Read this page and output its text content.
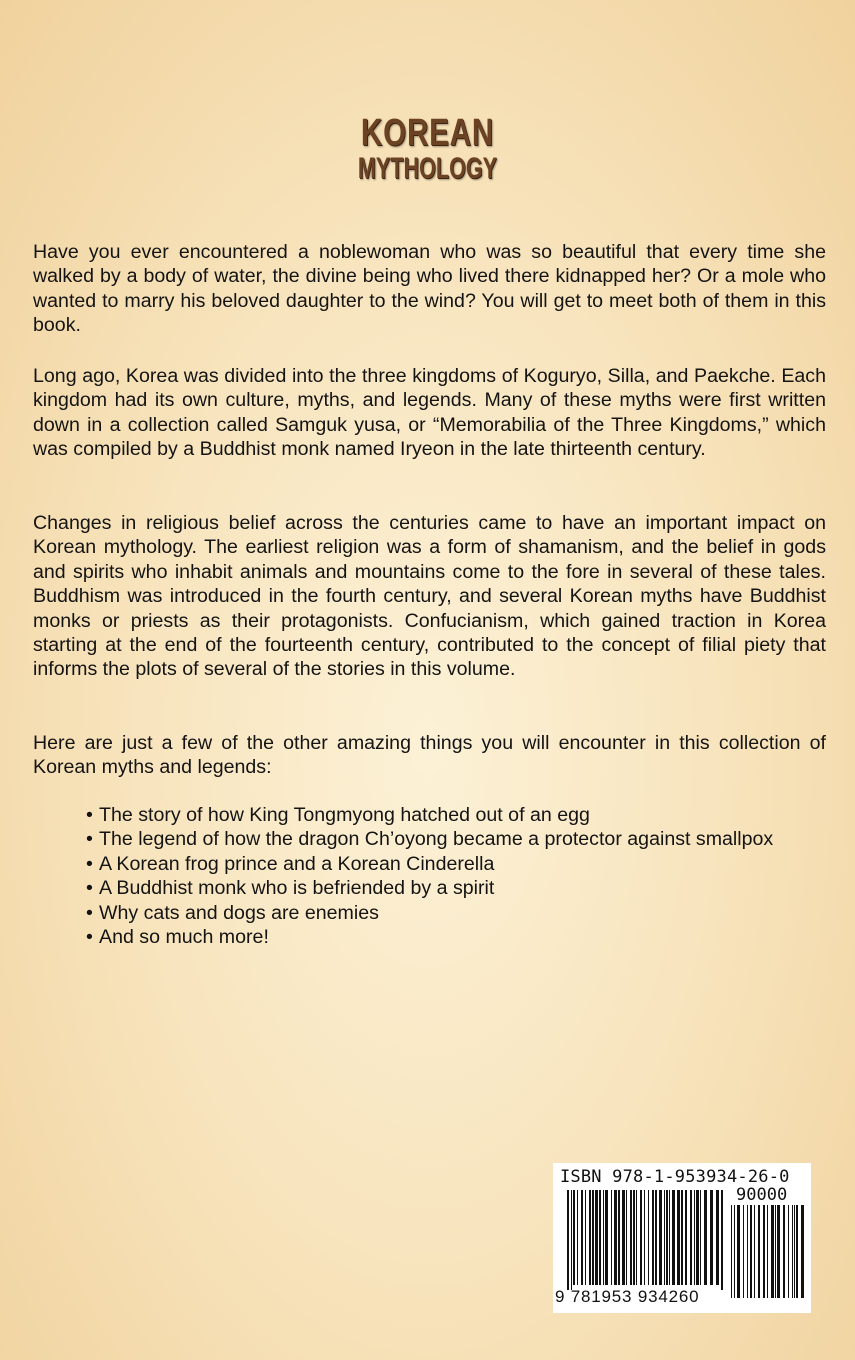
KOREAN
MYTHOLOGY

Have you ever encountered a noblewoman who was so beautiful that every time she walked by a body of water, the divine being who lived there kidnapped her? Or a mole who wanted to marry his beloved daughter to the wind? You will get to meet both of them in this book.

Long ago, Korea was divided into the three kingdoms of Koguryo, Silla, and Paekche. Each kingdom had its own culture, myths, and legends. Many of these myths were first written down in a collection called Samguk yusa, or “Memorabilia of the Three Kingdoms,” which was compiled by a Buddhist monk named Iryeon in the late thirteenth century.

Changes in religious belief across the centuries came to have an important impact on Korean mythology. The earliest religion was a form of shamanism, and the belief in gods and spirits who inhabit animals and mountains come to the fore in several of these tales. Buddhism was introduced in the fourth century, and several Korean myths have Buddhist monks or priests as their protagonists. Confucianism, which gained traction in Korea starting at the end of the fourteenth century, contributed to the concept of filial piety that informs the plots of several of the stories in this volume.

Here are just a few of the other amazing things you will encounter in this collection of Korean myths and legends:

• The story of how King Tongmyong hatched out of an egg
• The legend of how the dragon Ch’oyong became a protector against smallpox
• A Korean frog prince and a Korean Cinderella
• A Buddhist monk who is befriended by a spirit
• Why cats and dogs are enemies
• And so much more!
ISBN 978-1-953934-26-0
90000
9 781953 934260
